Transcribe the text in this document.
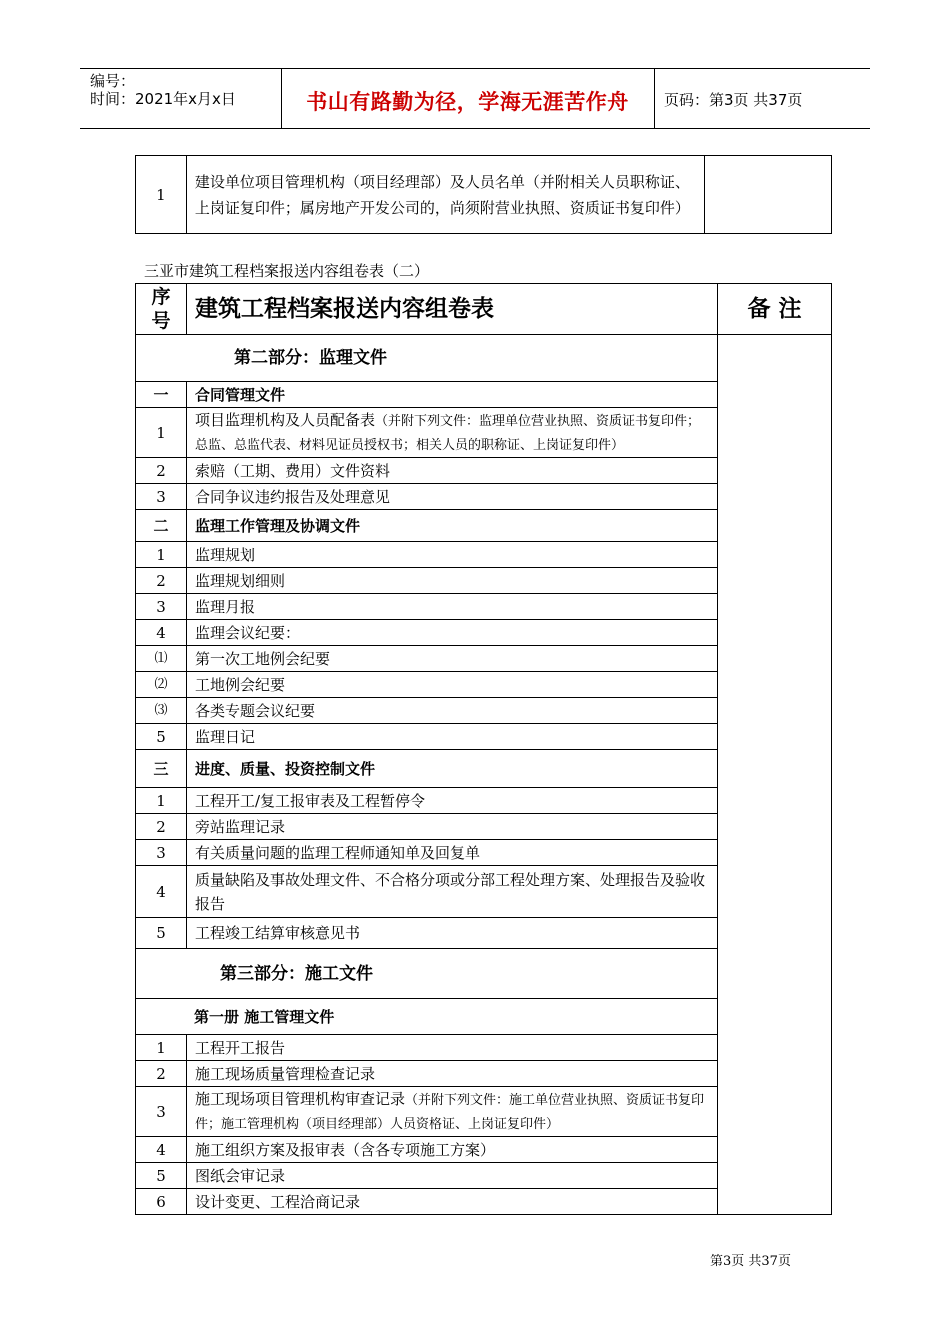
编号：
时间：2021年x月x日	书山有路勤为径，学海无涯苦作舟	页码：第3页 共37页
1	建设单位项目管理机构（项目经理部）及人员名单（并附相关人员职称证、上岗证复印件；属房地产开发公司的，尚须附营业执照、资质证书复印件）	
三亚市建筑工程档案报送内容组卷表（二）
序号	建筑工程档案报送内容组卷表	备 注
第二部分：监理文件		
一	合同管理文件	
1	项目监理机构及人员配备表（并附下列文件：监理单位营业执照、资质证书复印件；总监、总监代表、材料见证员授权书；相关人员的职称证、上岗证复印件）	
2	索赔（工期、费用）文件资料	
3	合同争议违约报告及处理意见	
二	监理工作管理及协调文件	
1	监理规划	
2	监理规划细则	
3	监理月报	
4	监理会议纪要：	
⑴	第一次工地例会纪要	
⑵	工地例会纪要	
⑶	各类专题会议纪要	
5	监理日记	
三	进度、质量、投资控制文件	
1	工程开工/复工报审表及工程暂停令	
2	旁站监理记录	
3	有关质量问题的监理工程师通知单及回复单	
4	质量缺陷及事故处理文件、不合格分项或分部工程处理方案、处理报告及验收报告	
5	工程竣工结算审核意见书	
第三部分：施工文件		
第一册 施工管理文件		
1	工程开工报告	
2	施工现场质量管理检查记录	
3	施工现场项目管理机构审查记录（并附下列文件：施工单位营业执照、资质证书复印件；施工管理机构（项目经理部）人员资格证、上岗证复印件）	
4	施工组织方案及报审表（含各专项施工方案）	
5	图纸会审记录	
6	设计变更、工程洽商记录	
第3页 共37页
